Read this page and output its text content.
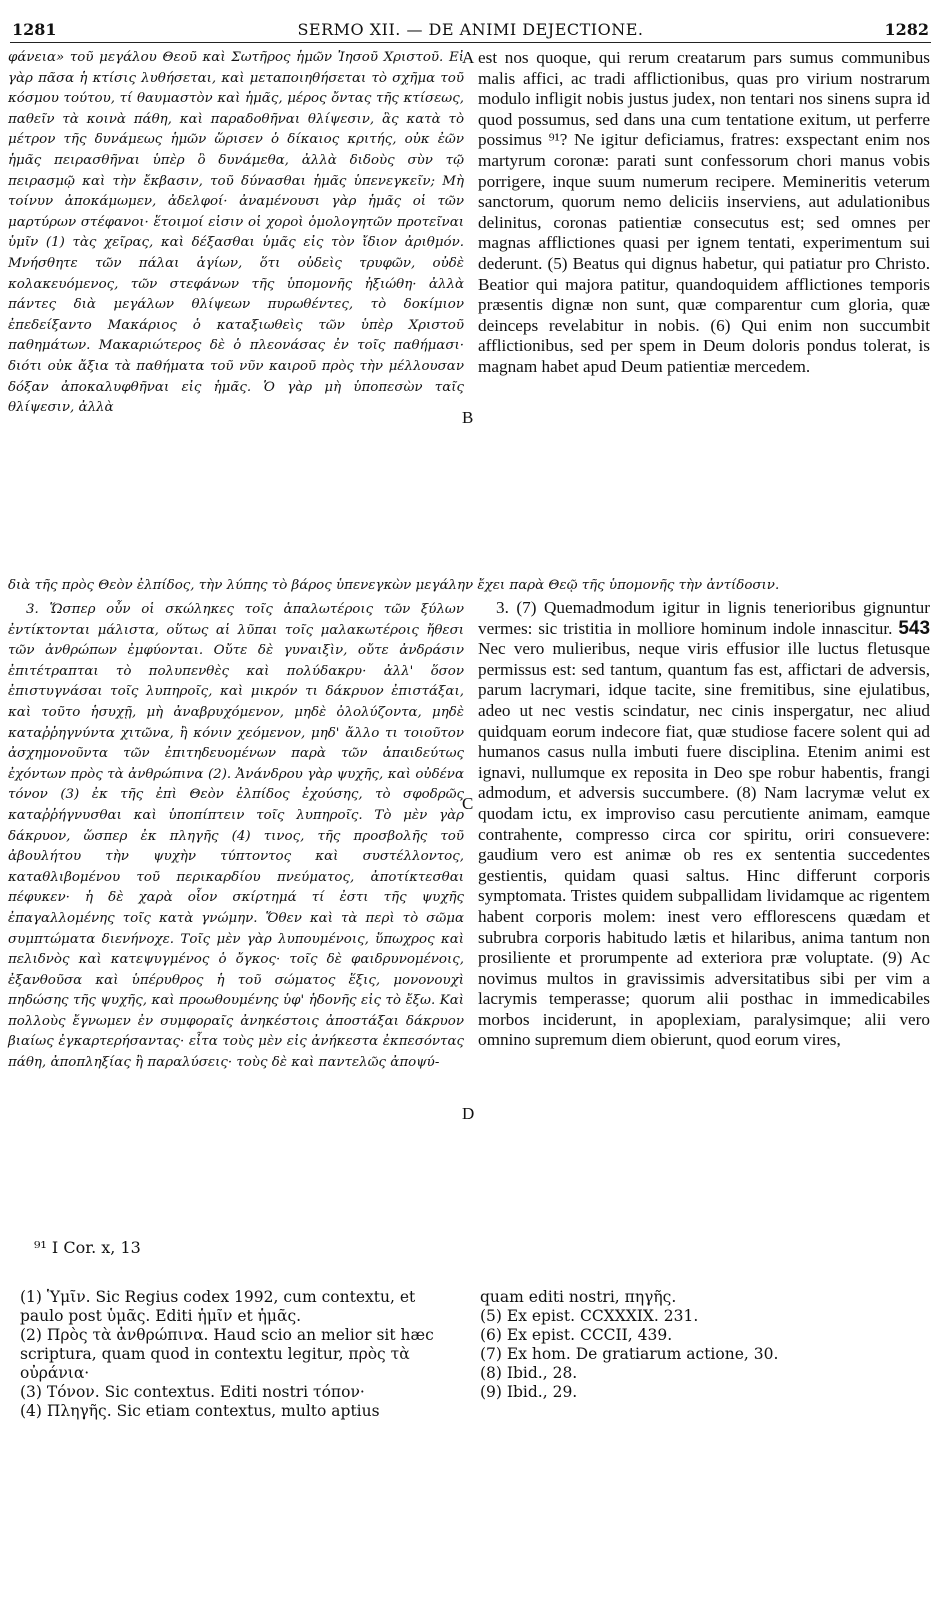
1281	SERMO XII. — DE ANIMI DEJECTIONE.	1282

φάνεια» τοῦ μεγάλου Θεοῦ καὶ Σωτῆρος ἡμῶν Ἰησοῦ Χριστοῦ. Εἰ γὰρ πᾶσα ἡ κτίσις λυθήσεται, καὶ μεταποιηθήσεται τὸ σχῆμα τοῦ κόσμου τούτου, τί θαυμαστὸν καὶ ἡμᾶς, μέρος ὄντας τῆς κτίσεως, παθεῖν τὰ κοινὰ πάθη, καὶ παραδοθῆναι θλίψεσιν, ἃς κατὰ τὸ μέτρον τῆς δυνάμεως ἡμῶν ὥρισεν ὁ δίκαιος κριτής, οὐκ ἐῶν ἡμᾶς πειρασθῆναι ὑπὲρ ὃ δυνάμεθα, ἀλλὰ διδοὺς σὺν τῷ πειρασμῷ καὶ τὴν ἔκβασιν, τοῦ δύνασθαι ἡμᾶς ὑπενεγκεῖν; Μὴ τοίνυν ἀποκάμωμεν, ἀδελφοί· ἀναμένουσι γὰρ ἡμᾶς οἱ τῶν μαρτύρων στέφανοι· ἕτοιμοί εἰσιν οἱ χοροὶ ὁμολογητῶν προτεῖναι ὑμῖν (1) τὰς χεῖρας, καὶ δέξασθαι ὑμᾶς εἰς τὸν ἴδιον ἀριθμόν. Μνήσθητε τῶν πάλαι ἁγίων, ὅτι οὐδεὶς τρυφῶν, οὐδὲ κολακευόμενος, τῶν στεφάνων τῆς ὑπομονῆς ἠξιώθη· ἀλλὰ πάντες διὰ μεγάλων θλίψεων πυρωθέντες, τὸ δοκίμιον ἐπεδείξαντο Μακάριος ὁ καταξιωθεὶς τῶν ὑπὲρ Χριστοῦ παθημάτων. Μακαριώτερος δὲ ὁ πλεονάσας ἐν τοῖς παθήμασι· διότι οὐκ ἄξια τὰ παθήματα τοῦ νῦν καιροῦ πρὸς τὴν μέλλουσαν δόξαν ἀποκαλυφθῆναι εἰς ἡμᾶς. Ὁ γὰρ μὴ ὑποπεσὼν ταῖς θλίψεσιν, ἀλλὰ

διὰ τῆς πρὸς Θεὸν ἐλπίδος, τὴν λύπης τὸ βάρος ὑπενεγκὼν μεγάλην ἔχει παρὰ Θεῷ τῆς ὑπομονῆς τὴν ἀντίδοσιν.

3. Ὥσπερ οὖν οἱ σκώληκες τοῖς ἁπαλωτέροις τῶν ξύλων ἐντίκτονται μάλιστα, οὕτως αἱ λῦπαι τοῖς μαλακωτέροις ἤθεσι τῶν ἀνθρώπων ἐμφύονται. Οὔτε δὲ γυναιξὶν, οὔτε ἀνδράσιν ἐπιτέτραπται τὸ πολυπενθὲς καὶ πολύδακρυ· ἀλλ' ὅσον ἐπιστυγνάσαι τοῖς λυπηροῖς, καὶ μικρόν τι δάκρυον ἐπιστάξαι, καὶ τοῦτο ἡσυχῇ, μὴ ἀναβρυχόμενον, μηδὲ ὀλολύζοντα, μηδὲ καταῤῥηγνύντα χιτῶνα, ἢ κόνιν χεόμενον, μηδ' ἄλλο τι τοιοῦτον ἀσχημονοῦντα τῶν ἐπιτηδευομένων παρὰ τῶν ἀπαιδεύτως ἐχόντων πρὸς τὰ ἀνθρώπινα (2). Ἀνάνδρου γὰρ ψυχῆς, καὶ οὐδένα τόνον (3) ἐκ τῆς ἐπὶ Θεὸν ἐλπίδος ἐχούσης, τὸ σφοδρῶς καταῤῥήγνυσθαι καὶ ὑποπίπτειν τοῖς λυπηροῖς. Τὸ μὲν γὰρ δάκρυον, ὥσπερ ἐκ πληγῆς (4) τινος, τῆς προσβολῆς τοῦ ἀβουλήτου τὴν ψυχὴν τύπτοντος καὶ συστέλλοντος, καταθλιβομένου τοῦ περικαρδίου πνεύματος, ἀποτίκτεσθαι πέφυκεν· ἡ δὲ χαρὰ οἷον σκίρτημά τί ἐστι τῆς ψυχῆς ἐπαγαλλομένης τοῖς κατὰ γνώμην. Ὅθεν καὶ τὰ περὶ τὸ σῶμα συμπτώματα διενήνοχε. Τοῖς μὲν γὰρ λυπουμένοις, ὕπωχρος καὶ πελιδνὸς καὶ κατεψυγμένος ὁ ὄγκος· τοῖς δὲ φαιδρυνομένοις, ἐξανθοῦσα καὶ ὑπέρυθρος ἡ τοῦ σώματος ἕξις, μονονουχὶ πηδώσης τῆς ψυχῆς, καὶ προωθουμένης ὑφ' ἡδονῆς εἰς τὸ ἔξω. Καὶ πολλοὺς ἔγνωμεν ἐν συμφοραῖς ἀνηκέστοις ἀποστάξαι δάκρυον βιαίως ἐγκαρτερήσαντας· εἶτα τοὺς μὲν εἰς ἀνήκεστα ἐκπεσόντας πάθη, ἀποπληξίας ἢ παραλύσεις· τοὺς δὲ καὶ παντελῶς ἀποψύ-

A
B
C
D

est nos quoque, qui rerum creatarum pars sumus communibus malis affici, ac tradi afflictionibus, quas pro virium nostrarum modulo infligit nobis justus judex, non tentari nos sinens supra id quod possumus, sed dans una cum tentatione exitum, ut perferre possimus ⁹¹? Ne igitur deficiamus, fratres: exspectant enim nos martyrum coronæ: parati sunt confessorum chori manus vobis porrigere, inque suum numerum recipere. Memineritis veterum sanctorum, quorum nemo deliciis inserviens, aut adulationibus delinitus, coronas patientiæ consecutus est; sed omnes per magnas afflictiones quasi per ignem tentati, experimentum sui dederunt. (5) Beatus qui dignus habetur, qui patiatur pro Christo. Beatior qui majora patitur, quandoquidem afflictiones temporis præsentis dignæ non sunt, quæ comparentur cum gloria, quæ deinceps revelabitur in nobis. (6) Qui enim non succumbit afflictionibus, sed per spem in Deum doloris pondus tolerat, is magnam habet apud Deum patientiæ mercedem.

3. (7) Quemadmodum igitur in lignis tenerioribus gignuntur vermes: sic tristitia in molliore hominum indole innascitur. 543 Nec vero mulieribus, neque viris effusior ille luctus fletusque permissus est: sed tantum, quantum fas est, affictari de adversis, parum lacrymari, idque tacite, sine fremitibus, sine ejulatibus, adeo ut nec vestis scindatur, nec cinis inspergatur, nec aliud quidquam eorum indecore fiat, quæ studiose facere solent qui ad humanos casus nulla imbuti fuere disciplina. Etenim animi est ignavi, nullumque ex reposita in Deo spe robur habentis, frangi admodum, et adversis succumbere. (8) Nam lacrymæ velut ex quodam ictu, ex improviso casu percutiente animam, eamque contrahente, compresso circa cor spiritu, oriri consuevere: gaudium vero est animæ ob res ex sententia succedentes gestientis, quidam quasi saltus. Hinc differunt corporis symptomata. Tristes quidem subpallidam lividamque ac rigentem habent corporis molem: inest vero efflorescens quædam et subrubra corporis habitudo lætis et hilaribus, anima tantum non prosiliente et prorumpente ad exteriora præ voluptate. (9) Ac novimus multos in gravissimis adversitatibus sibi per vim a lacrymis temperasse; quorum alii posthac in immedicabiles morbos inciderunt, in apoplexiam, paralysimque; alii vero omnino supremum diem obierunt, quod eorum vires,

⁹¹ I Cor. x, 13
(1) Ὑμῖν. Sic Regius codex 1992, cum contextu, et paulo post ὑμᾶς. Editi ἡμῖν et ἡμᾶς.
(2) Πρὸς τὰ ἀνθρώπινα. Haud scio an melior sit hæc scriptura, quam quod in contextu legitur, πρὸς τὰ οὐράνια·
(3) Τόνον. Sic contextus. Editi nostri τόπον·
(4) Πληγῆς. Sic etiam contextus, multo aptius
quam editi nostri, πηγῆς.
(5) Ex epist. CCXXXIX. 231.
(6) Ex epist. CCCII, 439.
(7) Ex hom. De gratiarum actione, 30.
(8) Ibid., 28.
(9) Ibid., 29.
